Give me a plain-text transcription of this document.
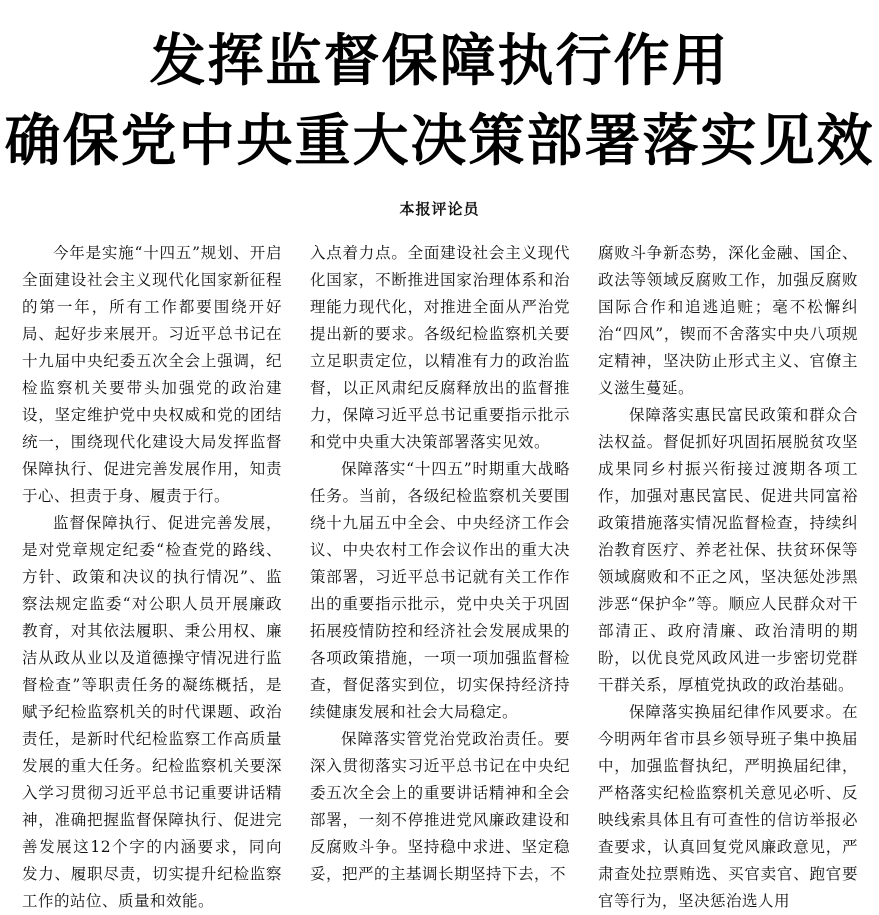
发挥监督保障执行作用
确保党中央重大决策部署落实见效
本报评论员

今年是实施“十四五”规划、开启全面建设社会主义现代化国家新征程的第一年，所有工作都要围绕开好局、起好步来展开。习近平总书记在十九届中央纪委五次全会上强调，纪检监察机关要带头加强党的政治建设，坚定维护党中央权威和党的团结统一，围绕现代化建设大局发挥监督保障执行、促进完善发展作用，知责于心、担责于身、履责于行。

监督保障执行、促进完善发展，是对党章规定纪委“检查党的路线、方针、政策和决议的执行情况”、监察法规定监委“对公职人员开展廉政教育，对其依法履职、秉公用权、廉洁从政从业以及道德操守情况进行监督检查”等职责任务的凝练概括，是赋予纪检监察机关的时代课题、政治责任，是新时代纪检监察工作高质量发展的重大任务。纪检监察机关要深入学习贯彻习近平总书记重要讲话精神，准确把握监督保障执行、促进完善发展这12个字的内涵要求，同向发力、履职尽责，切实提升纪检监察工作的站位、质量和效能。

入点着力点。全面建设社会主义现代化国家，不断推进国家治理体系和治理能力现代化，对推进全面从严治党提出新的要求。各级纪检监察机关要立足职责定位，以精准有力的政治监督，以正风肃纪反腐释放出的监督推力，保障习近平总书记重要指示批示和党中央重大决策部署落实见效。

保障落实“十四五”时期重大战略任务。当前，各级纪检监察机关要围绕十九届五中全会、中央经济工作会议、中央农村工作会议作出的重大决策部署，习近平总书记就有关工作作出的重要指示批示，党中央关于巩固拓展疫情防控和经济社会发展成果的各项政策措施，一项一项加强监督检查，督促落实到位，切实保持经济持续健康发展和社会大局稳定。

保障落实管党治党政治责任。要深入贯彻落实习近平总书记在中央纪委五次全会上的重要讲话精神和全会部署，一刻不停推进党风廉政建设和反腐败斗争。坚持稳中求进、坚定稳妥，把严的主基调长期坚持下去，不

腐败斗争新态势，深化金融、国企、政法等领域反腐败工作，加强反腐败国际合作和追逃追赃；毫不松懈纠治“四风”，锲而不舍落实中央八项规定精神，坚决防止形式主义、官僚主义滋生蔓延。

保障落实惠民富民政策和群众合法权益。督促抓好巩固拓展脱贫攻坚成果同乡村振兴衔接过渡期各项工作，加强对惠民富民、促进共同富裕政策措施落实情况监督检查，持续纠治教育医疗、养老社保、扶贫环保等领域腐败和不正之风，坚决惩处涉黑涉恶“保护伞”等。顺应人民群众对干部清正、政府清廉、政治清明的期盼，以优良党风政风进一步密切党群干群关系，厚植党执政的政治基础。

保障落实换届纪律作风要求。在今明两年省市县乡领导班子集中换届中，加强监督执纪，严明换届纪律，严格落实纪检监察机关意见必听、反映线索具体且有可查性的信访举报必查要求，认真回复党风廉政意见，严肃查处拉票贿选、买官卖官、跑官要官等行为，坚决惩治选人用
